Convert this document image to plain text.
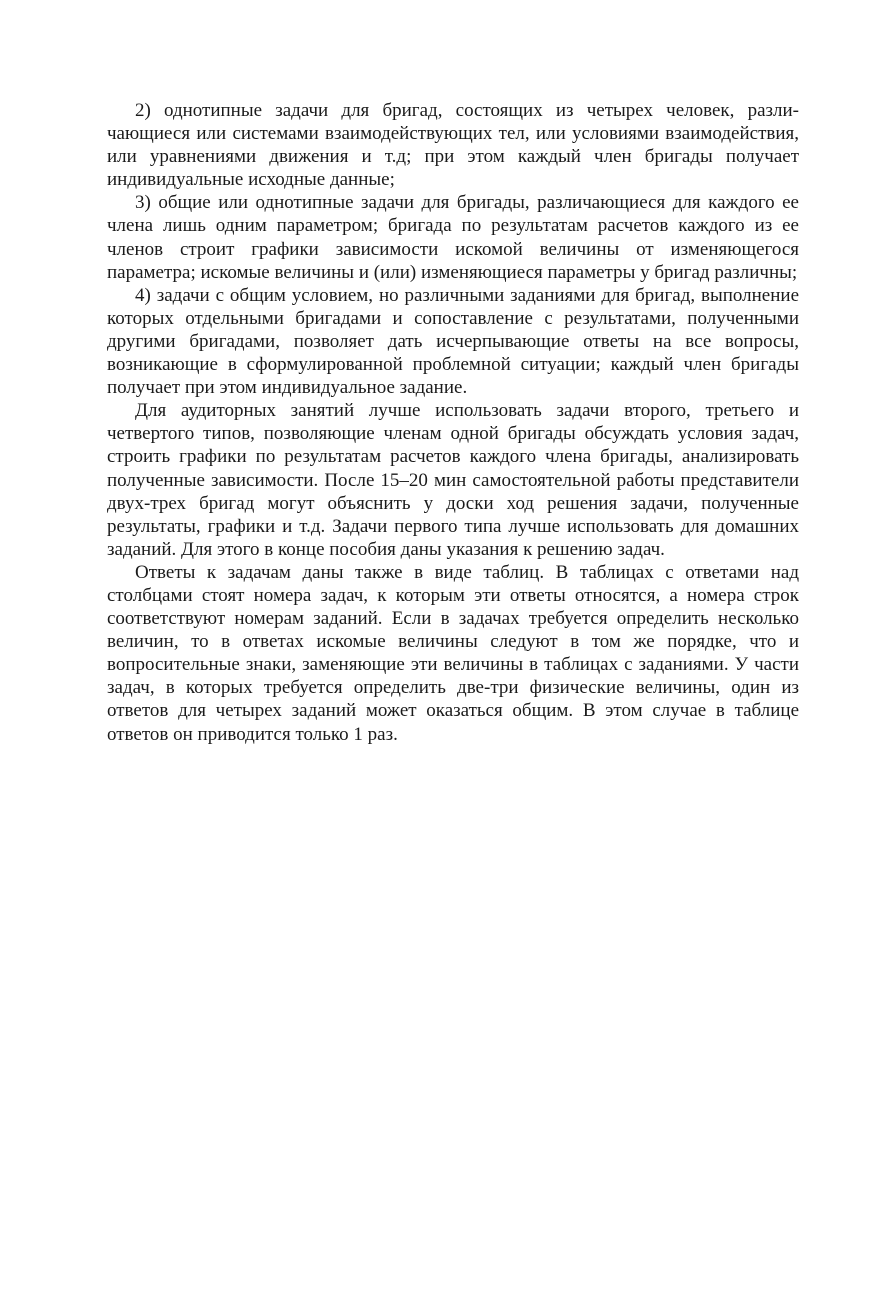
2) однотипные задачи для бригад, состоящих из четырех человек, различающиеся или системами взаимодействующих тел, или условиями взаимодействия, или уравнениями движения и т.д; при этом каждый член бригады получает индивидуальные исходные данные;

3) общие или однотипные задачи для бригады, различающиеся для каждого ее члена лишь одним параметром; бригада по результатам расчетов каждого из ее членов строит графики зависимости искомой величины от изменяющегося параметра; искомые величины и (или) изменяющиеся параметры у бригад различны;

4) задачи с общим условием, но различными заданиями для бригад, выполнение которых отдельными бригадами и сопоставление с результатами, полученными другими бригадами, позволяет дать исчерпывающие ответы на все вопросы, возникающие в сформулированной проблемной ситуации; каждый член бригады получает при этом индивидуальное задание.

Для аудиторных занятий лучше использовать задачи второго, третьего и четвертого типов, позволяющие членам одной бригады обсуждать условия задач, строить графики по результатам расчетов каждого члена бригады, анализировать полученные зависимости. После 15–20 мин самостоятельной работы представители двух-трех бригад могут объяснить у доски ход решения задачи, полученные результаты, графики и т.д. Задачи первого типа лучше использовать для домашних заданий. Для этого в конце пособия даны указания к решению задач.

Ответы к задачам даны также в виде таблиц. В таблицах с ответами над столбцами стоят номера задач, к которым эти ответы относятся, а номера строк соответствуют номерам заданий. Если в задачах требуется определить несколько величин, то в ответах искомые величины следуют в том же порядке, что и вопросительные знаки, заменяющие эти величины в таблицах с заданиями. У части задач, в которых требуется определить две-три физические величины, один из ответов для четырех заданий может оказаться общим. В этом случае в таблице ответов он приводится только 1 раз.
